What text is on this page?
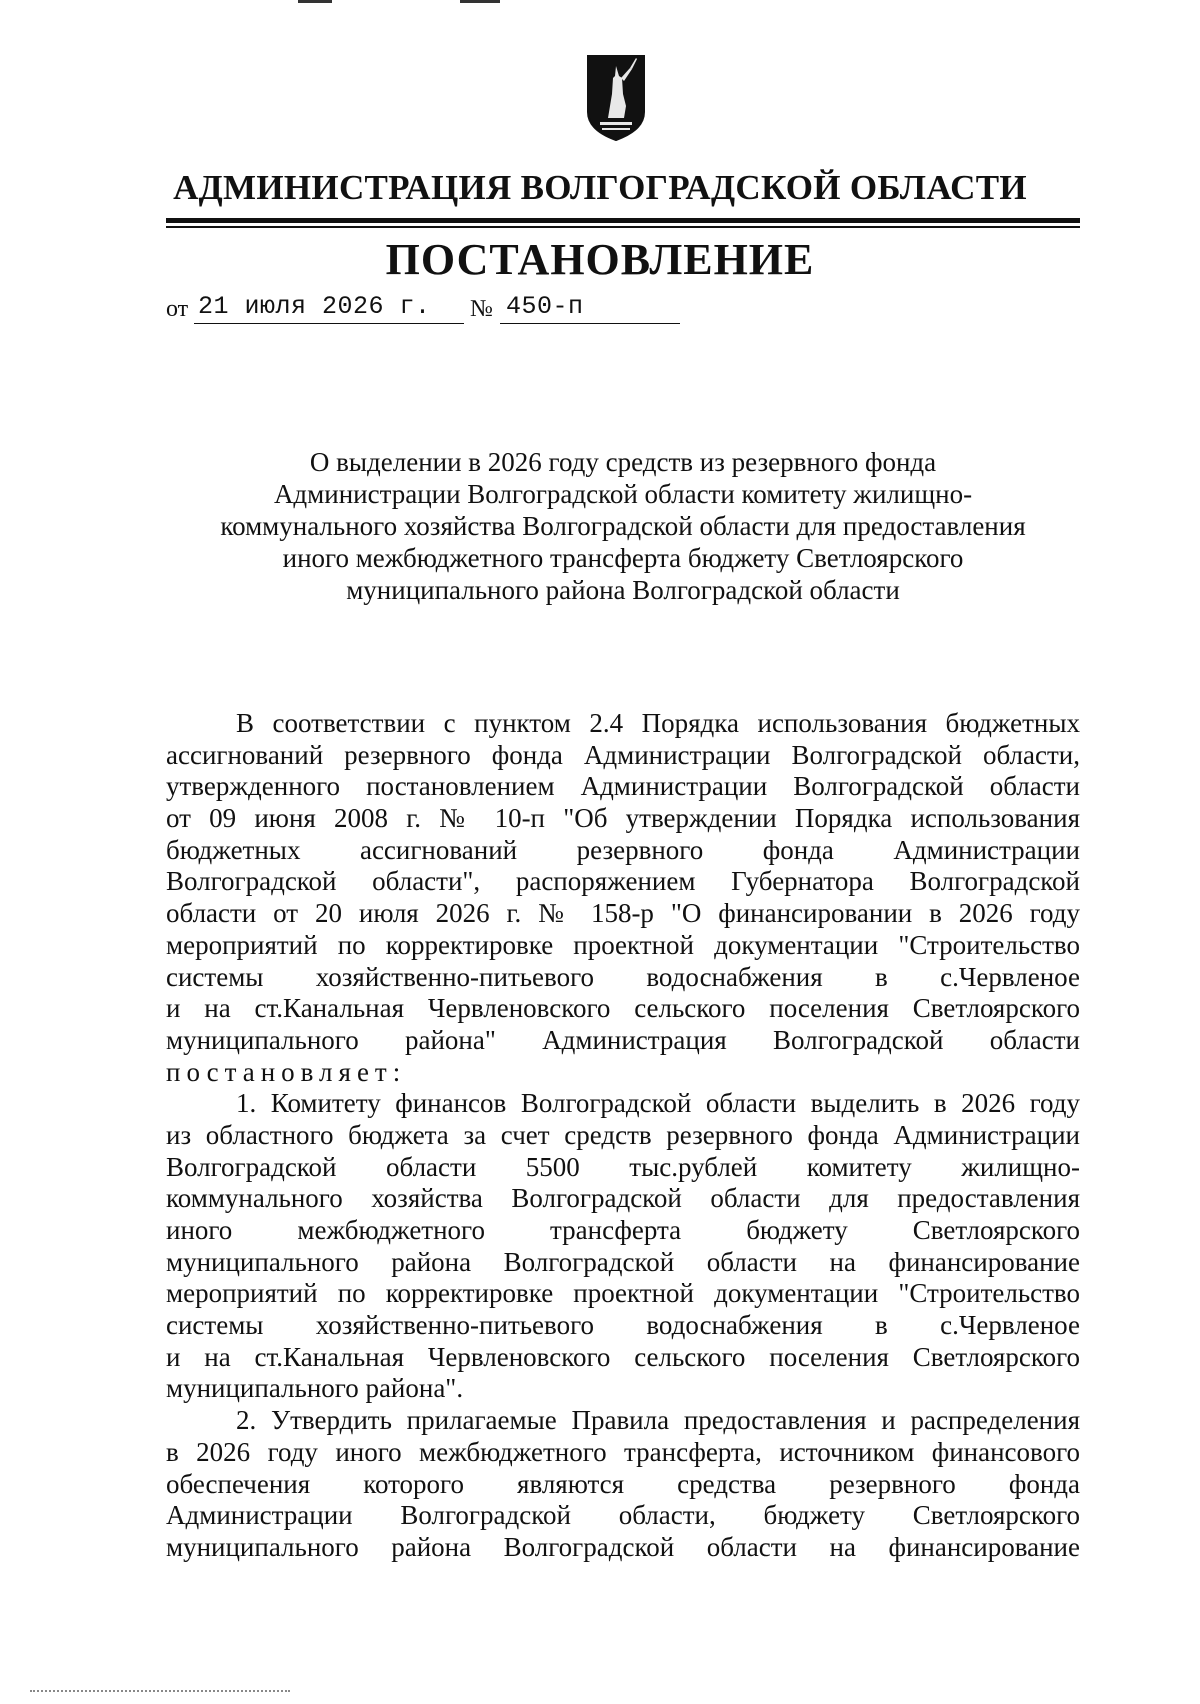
АДМИНИСТРАЦИЯ ВОЛГОГРАДСКОЙ ОБЛАСТИ
ПОСТАНОВЛЕНИЕ
от 21 июля 2026 г. № 450-п
О выделении в 2026 году средств из резервного фонда
Администрации Волгоградской области комитету жилищно-
коммунального хозяйства Волгоградской области для предоставления
иного межбюджетного трансферта бюджету Светлоярского
муниципального района Волгоградской области
В соответствии с пунктом 2.4 Порядка использования бюджетных
ассигнований резервного фонда Администрации Волгоградской области,
утвержденного постановлением Администрации Волгоградской области
от 09 июня 2008 г. № 10-п "Об утверждении Порядка использования
бюджетных ассигнований резервного фонда Администрации
Волгоградской области", распоряжением Губернатора Волгоградской
области от 20 июля 2026 г. № 158-р "О финансировании в 2026 году
мероприятий по корректировке проектной документации "Строительство
системы хозяйственно-питьевого водоснабжения в с.Червленое
и на ст.Канальная Червленовского сельского поселения Светлоярского
муниципального района" Администрация Волгоградской области
постановляет:
1. Комитету финансов Волгоградской области выделить в 2026 году
из областного бюджета за счет средств резервного фонда Администрации
Волгоградской области 5500 тыс.рублей комитету жилищно-
коммунального хозяйства Волгоградской области для предоставления
иного межбюджетного трансферта бюджету Светлоярского
муниципального района Волгоградской области на финансирование
мероприятий по корректировке проектной документации "Строительство
системы хозяйственно-питьевого водоснабжения в с.Червленое
и на ст.Канальная Червленовского сельского поселения Светлоярского
муниципального района".
2. Утвердить прилагаемые Правила предоставления и распределения
в 2026 году иного межбюджетного трансферта, источником финансового
обеспечения которого являются средства резервного фонда
Администрации Волгоградской области, бюджету Светлоярского
муниципального района Волгоградской области на финансирование
